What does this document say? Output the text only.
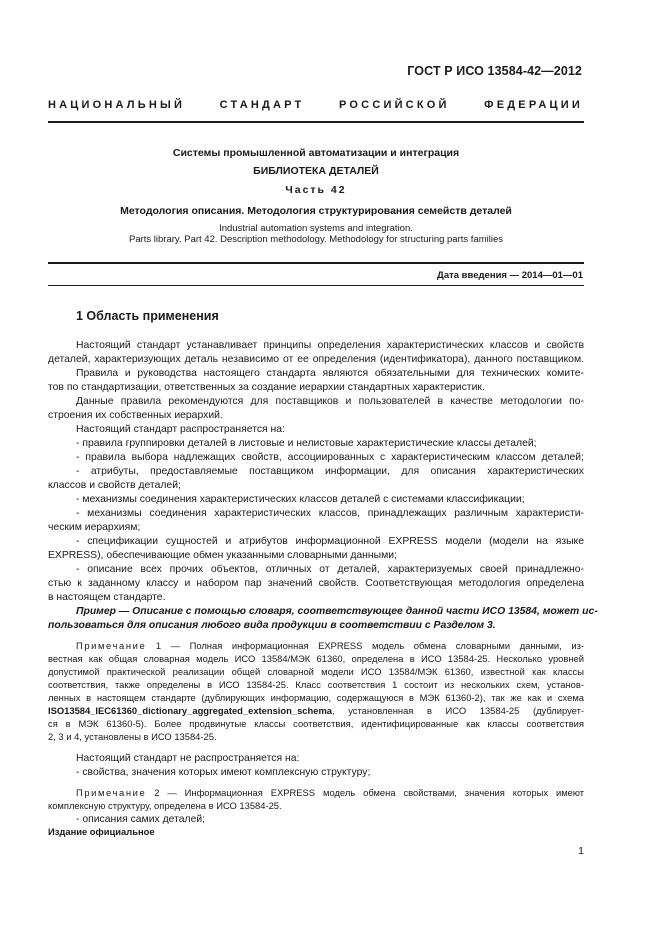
ГОСТ Р ИСО 13584-42—2012
НАЦИОНАЛЬНЫЙ СТАНДАРТ РОССИЙСКОЙ ФЕДЕРАЦИИ
Системы промышленной автоматизации и интеграция
БИБЛИОТЕКА ДЕТАЛЕЙ
Часть 42
Методология описания. Методология структурирования семейств деталей
Industrial automation systems and integration.
Parts library. Part 42. Description methodology. Methodology for structuring parts families
Дата введения — 2014—01—01
1 Область применения
Настоящий стандарт устанавливает принципы определения характеристических классов и свойств
деталей, характеризующих деталь независимо от ее определения (идентификатора), данного поставщиком.
Правила и руководства настоящего стандарта являются обязательными для технических комите-
тов по стандартизации, ответственных за создание иерархии стандартных характеристик.
Данные правила рекомендуются для поставщиков и пользователей в качестве методологии по-
строения их собственных иерархий.
Настоящий стандарт распространяется на:
- правила группировки деталей в листовые и нелистовые характеристические классы деталей;
- правила выбора надлежащих свойств, ассоциированных с характеристическим классом деталей;
- атрибуты, предоставляемые поставщиком информации, для описания характеристических
классов и свойств деталей;
- механизмы соединения характеристических классов деталей с системами классификации;
- механизмы соединения характеристических классов, принадлежащих различным характеристи-
ческим иерархиям;
- спецификации сущностей и атрибутов информационной EXPRESS модели (модели на языке
EXPRESS), обеспечивающие обмен указанными словарными данными;
- описание всех прочих объектов, отличных от деталей, характеризуемых своей принадлежно-
стью к заданному классу и набором пар значений свойств. Соответствующая методология определена
в настоящем стандарте.
Пример — Описание с помощью словаря, соответствующее данной части ИСО 13584, может ис-
пользоваться для описания любого вида продукции в соответствии с Разделом 3.
Примечание 1 — Полная информационная EXPRESS модель обмена словарными данными, из-
вестная как общая словарная модель ИСО 13584/МЭК 61360, определена в ИСО 13584-25. Несколько уровней
допустимой практической реализации общей словарной модели ИСО 13584/МЭК 61360, известной как классы
соответствия, также определены в ИСО 13584-25. Класс соответствия 1 состоит из нескольких схем, установ-
ленных в настоящем стандарте (дублирующих информацию, содержащуюся в МЭК 61360-2), так же как и схема
ISO13584_IEC61360_dictionary_aggregated_extension_schema, установленная в ИСО 13584-25 (дублирует-
ся в МЭК 61360-5). Более продвинутые классы соответствия, идентифицированные как классы соответствия
2, 3 и 4, установлены в ИСО 13584-25.
Настоящий стандарт не распространяется на:
- свойства, значения которых имеют комплексную структуру;
Примечание 2 — Информационная EXPRESS модель обмена свойствами, значения которых имеют
комплексную структуру, определена в ИСО 13584-25.
- описания самих деталей;
Издание официальное
1
